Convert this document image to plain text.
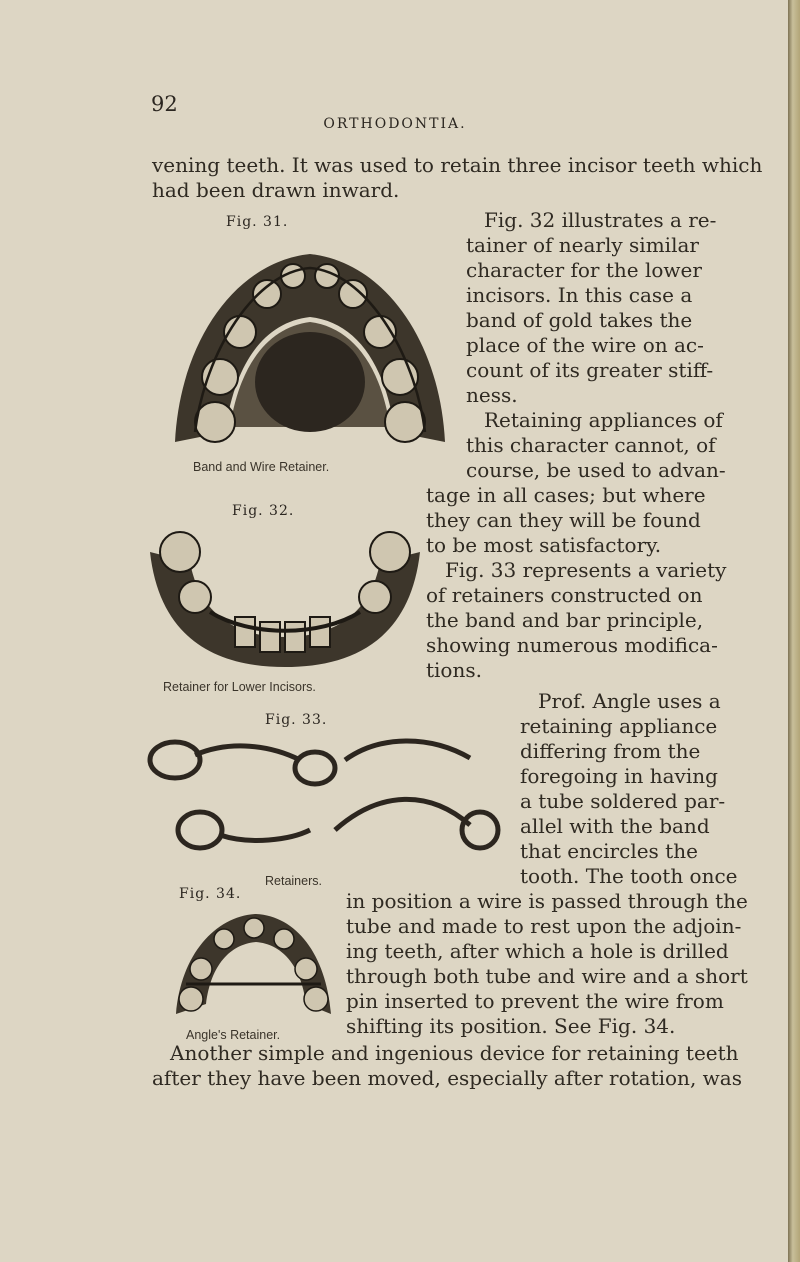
92
ORTHODONTIA.
vening teeth. It was used to retain three incisor teeth which
had been drawn inward.
Fig. 32 illustrates a re-
tainer of nearly similar
character for the lower
incisors. In this case a
band of gold takes the
place of the wire on ac-
count of its greater stiff-
ness.
Retaining appliances of
this character cannot, of
course, be used to advan-
tage in all cases; but where
they can they will be found
to be most satisfactory.
Fig. 33 represents a variety
of retainers constructed on
the band and bar principle,
showing numerous modifica-
tions.
Prof. Angle uses a
retaining appliance
differing from the
foregoing in having
a tube soldered par-
allel with the band
that encircles the
tooth. The tooth once
in position a wire is passed through the
tube and made to rest upon the adjoin-
ing teeth, after which a hole is drilled
through both tube and wire and a short
pin inserted to prevent the wire from
shifting its position. See Fig. 34.
Another simple and ingenious device for retaining teeth
after they have been moved, especially after rotation, was
Fig. 31.
Band and Wire Retainer.
Fig. 32.
Retainer for Lower Incisors.
Fig. 33.
Retainers.
Fig. 34.
Angle's Retainer.
